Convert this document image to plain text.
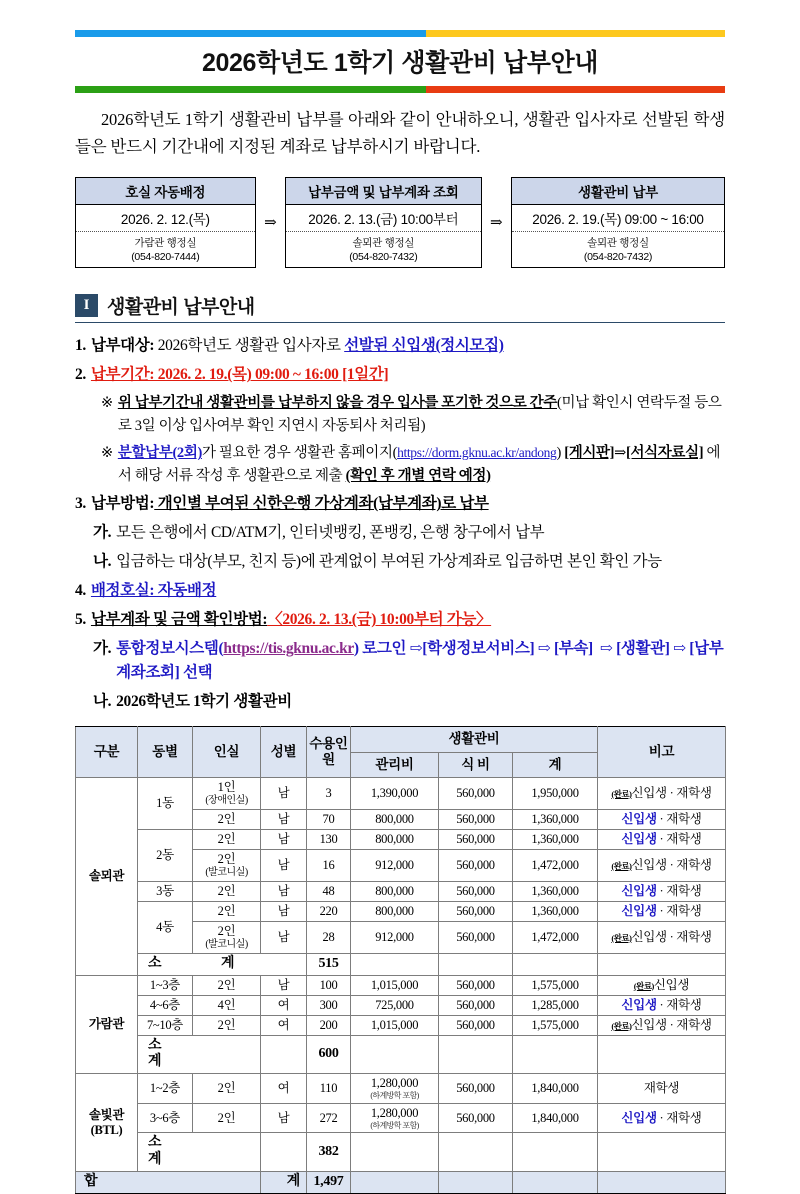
2026학년도 1학기 생활관비 납부안내

2026학년도 1학기 생활관비 납부를 아래와 같이 안내하오니, 생활관 입사자로 선발된 학생들은 반드시 기간내에 지정된 계좌로 납부하시기 바랍니다.

호실 자동배정
2026. 2. 12.(목)
가람관 행정실
(054-820-7444)
⇒
납부금액 및 납부계좌 조회
2026. 2. 13.(금) 10:00부터
솔뫼관 행정실
(054-820-7432)
⇒
생활관비 납부
2026. 2. 19.(목) 09:00 ~ 16:00
솔뫼관 행정실
(054-820-7432)
I 생활관비 납부안내
1. 납부대상: 2026학년도 생활관 입사자로 선발된 신입생(정시모집)
2. 납부기간: 2026. 2. 19.(목) 09:00 ~ 16:00 [1일간]
※ 위 납부기간내 생활관비를 납부하지 않을 경우 입사를 포기한 것으로 간주(미납 확인시 연락두절 등으로 3일 이상 입사여부 확인 지연시 자동퇴사 처리됨)
※ 분할납부(2회)가 필요한 경우 생활관 홈페이지(https://dorm.gknu.ac.kr/andong) [게시판]⇒[서식자료실] 에서 해당 서류 작성 후 생활관으로 제출 (확인 후 개별 연락 예정)
3. 납부방법: 개인별 부여된 신한은행 가상계좌(납부계좌)로 납부
가. 모든 은행에서 CD/ATM기, 인터넷뱅킹, 폰뱅킹, 은행 창구에서 납부
나. 입금하는 대상(부모, 친지 등)에 관계없이 부여된 가상계좌로 입금하면 본인 확인 가능
4. 배정호실: 자동배정
5. 납부계좌 및 금액 확인방법:〈2026. 2. 13.(금) 10:00부터 가능〉
가. 통합정보시스템(https://tis.gknu.ac.kr) 로그인 ⇨[학생정보서비스] ⇨ [부속] ⇨ [생활관] ⇨ [납부계좌조회] 선택
나. 2026학년도 1학기 생활관비
구분	동별	인실	성별	수용인원	생활관비			비고
					관리비	식 비	계	
솔뫼관	1동	1인
(장애인실)	남	3	1,390,000	560,000	1,950,000	(완료)신입생 · 재학생
		2인	남	70	800,000	560,000	1,360,000	신입생 · 재학생
	2동	2인	남	130	800,000	560,000	1,360,000	신입생 · 재학생
		2인
(발코니실)	남	16	912,000	560,000	1,472,000	(완료)신입생 · 재학생
	3동	2인	남	48	800,000	560,000	1,360,000	신입생 · 재학생
	4동	2인	남	220	800,000	560,000	1,360,000	신입생 · 재학생
		2인
(발코니실)	남	28	912,000	560,000	1,472,000	(완료)신입생 · 재학생
	소 계			515				
가람관	1~3층	2인	남	100	1,015,000	560,000	1,575,000	(완료)신입생
	4~6층	4인	여	300	725,000	560,000	1,285,000	신입생 · 재학생
	7~10층	2인	여	200	1,015,000	560,000	1,575,000	(완료)신입생 · 재학생
	소 계			600				
솔빛관
(BTL)	1~2층	2인	여	110	1,280,000
(하계방학 포함)	560,000	1,840,000	재학생
	3~6층	2인	남	272	1,280,000
(하계방학 포함)	560,000	1,840,000	신입생 · 재학생
	소 계			382				
합			계	1,497				
